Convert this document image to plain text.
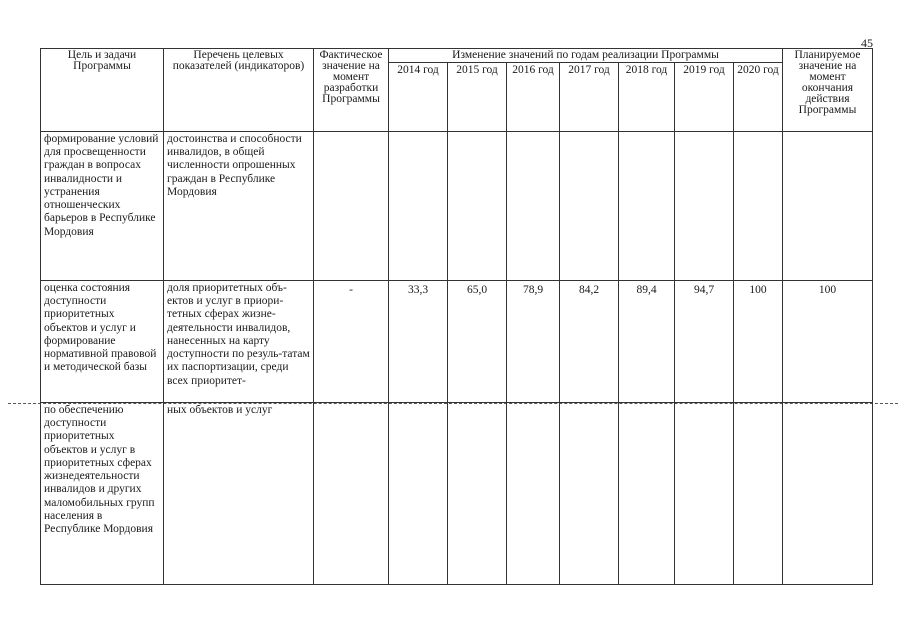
45
Цель и задачи Программы	Перечень целевых показателей (индикаторов)	Фактическое значение на момент разработки Программы	Изменение значений по годам реализации Программы							Планируемое значение на момент окончания действия Программы
			2014 год	2015 год	2016 год	2017 год	2018 год	2019 год	2020 год	
формирование условий для просвещенности граждан в вопросах инвалидности и устранения отношенческих барьеров в Республике Мордовия	достоинства и способности инвалидов, в общей численности опрошенных граждан в Республике Мордовия									
оценка состояния доступности приоритетных объектов и услуг и формирование нормативной правовой и методической базы	доля приоритетных объ-ектов и услуг в приори-тетных сферах жизне-деятельности инвалидов, нанесенных на карту доступности по резуль-татам их паспортизации, среди всех приоритет-	-	33,3	65,0	78,9	84,2	89,4	94,7	100	100
по обеспечению доступности приоритетных объектов и услуг в приоритетных сферах жизнедеятельности инвалидов и других маломобильных групп населения в Республике Мордовия	ных объектов и услуг									
